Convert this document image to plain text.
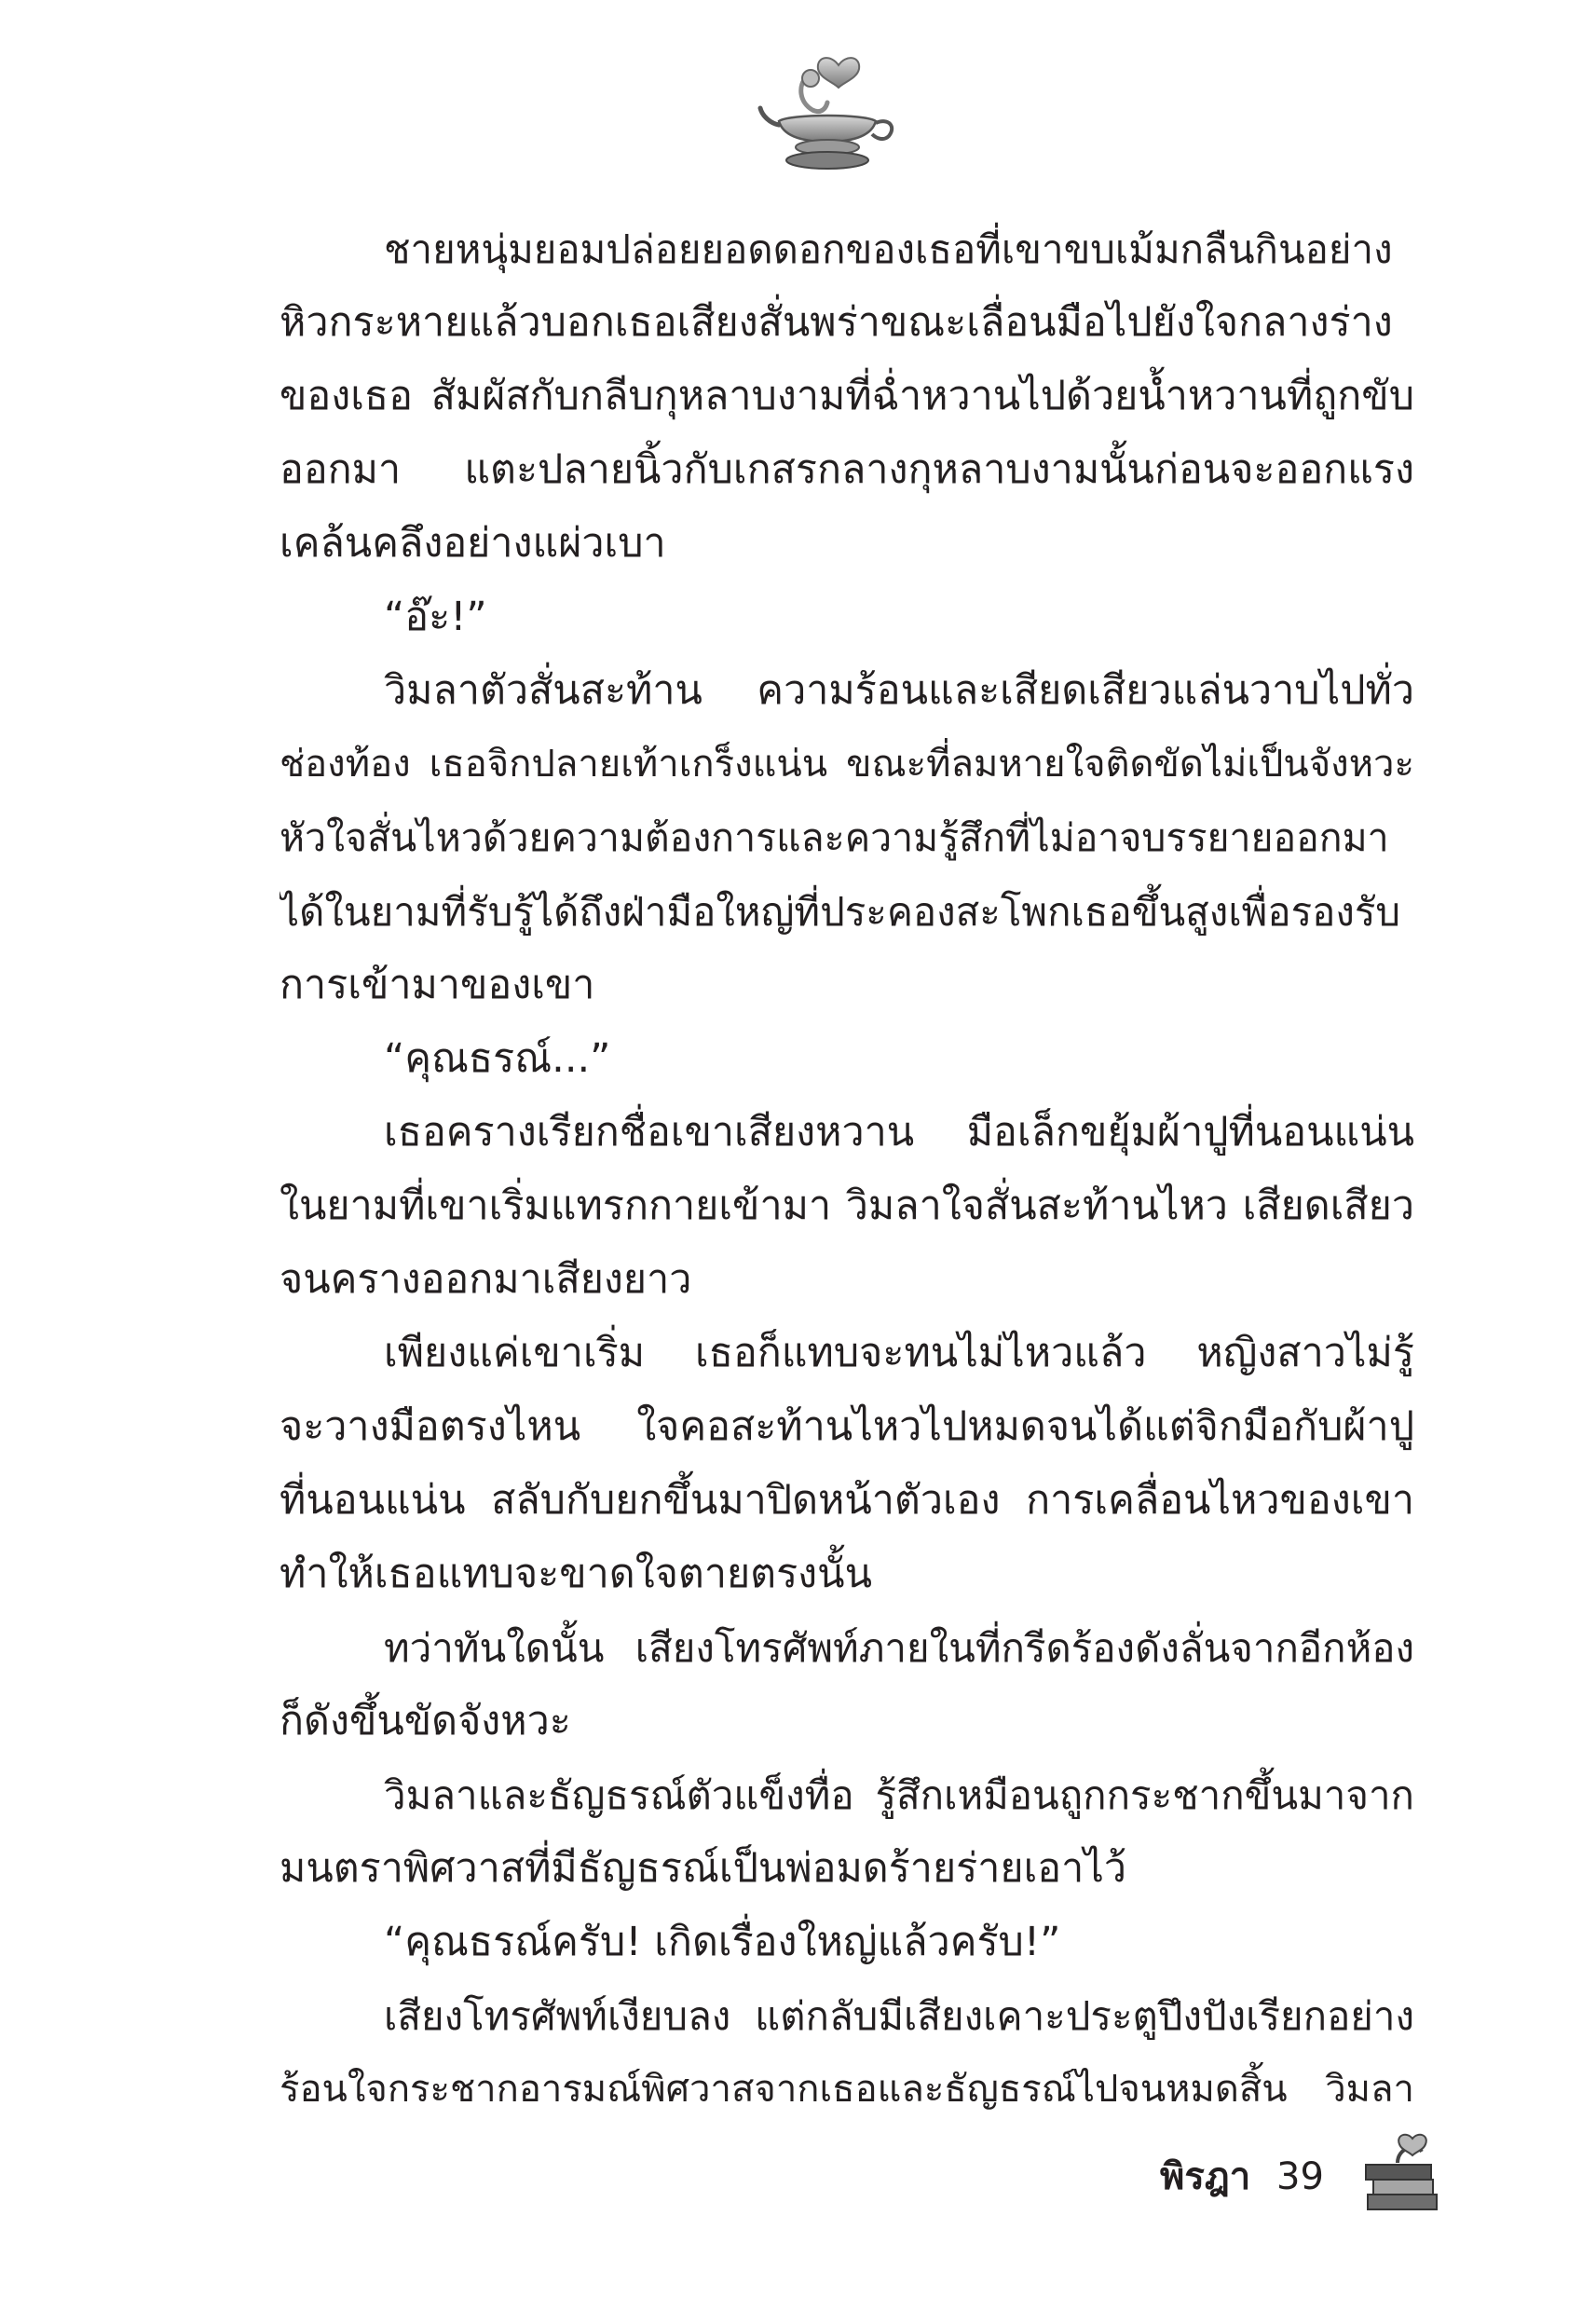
ชายหนุ่มยอมปล่อยยอดดอกของเธอที่เขาขบเม้มกลืนกินอย่าง
หิวกระหายแล้วบอกเธอเสียงสั่นพร่าขณะเลื่อนมือไปยังใจกลางร่าง
ของเธอ สัมผัสกับกลีบกุหลาบงามที่ฉ่ำหวานไปด้วยน้ำหวานที่ถูกขับ
ออกมา แตะปลายนิ้วกับเกสรกลางกุหลาบงามนั้นก่อนจะออกแรง
เคล้นคลึงอย่างแผ่วเบา
“อ๊ะ!”
วิมลาตัวสั่นสะท้าน ความร้อนและเสียดเสียวแล่นวาบไปทั่ว
ช่องท้อง เธอจิกปลายเท้าเกร็งแน่น ขณะที่ลมหายใจติดขัดไม่เป็นจังหวะ
หัวใจสั่นไหวด้วยความต้องการและความรู้สึกที่ไม่อาจบรรยายออกมา
ได้ในยามที่รับรู้ได้ถึงฝ่ามือใหญ่ที่ประคองสะโพกเธอขึ้นสูงเพื่อรองรับ
การเข้ามาของเขา
“คุณธรณ์...”
เธอครางเรียกชื่อเขาเสียงหวาน มือเล็กขยุ้มผ้าปูที่นอนแน่น
ในยามที่เขาเริ่มแทรกกายเข้ามา วิมลาใจสั่นสะท้านไหว เสียดเสียว
จนครางออกมาเสียงยาว
เพียงแค่เขาเริ่ม เธอก็แทบจะทนไม่ไหวแล้ว หญิงสาวไม่รู้
จะวางมือตรงไหน ใจคอสะท้านไหวไปหมดจนได้แต่จิกมือกับผ้าปู
ที่นอนแน่น สลับกับยกขึ้นมาปิดหน้าตัวเอง การเคลื่อนไหวของเขา
ทำให้เธอแทบจะขาดใจตายตรงนั้น
ทว่าทันใดนั้น เสียงโทรศัพท์ภายในที่กรีดร้องดังลั่นจากอีกห้อง
ก็ดังขึ้นขัดจังหวะ
วิมลาและธัญธรณ์ตัวแข็งทื่อ รู้สึกเหมือนถูกกระชากขึ้นมาจาก
มนตราพิศวาสที่มีธัญธรณ์เป็นพ่อมดร้ายร่ายเอาไว้
“คุณธรณ์ครับ! เกิดเรื่องใหญ่แล้วครับ!”
เสียงโทรศัพท์เงียบลง แต่กลับมีเสียงเคาะประตูปึงปังเรียกอย่าง
ร้อนใจกระชากอารมณ์พิศวาสจากเธอและธัญธรณ์ไปจนหมดสิ้น วิมลา
พิรฎา 39
